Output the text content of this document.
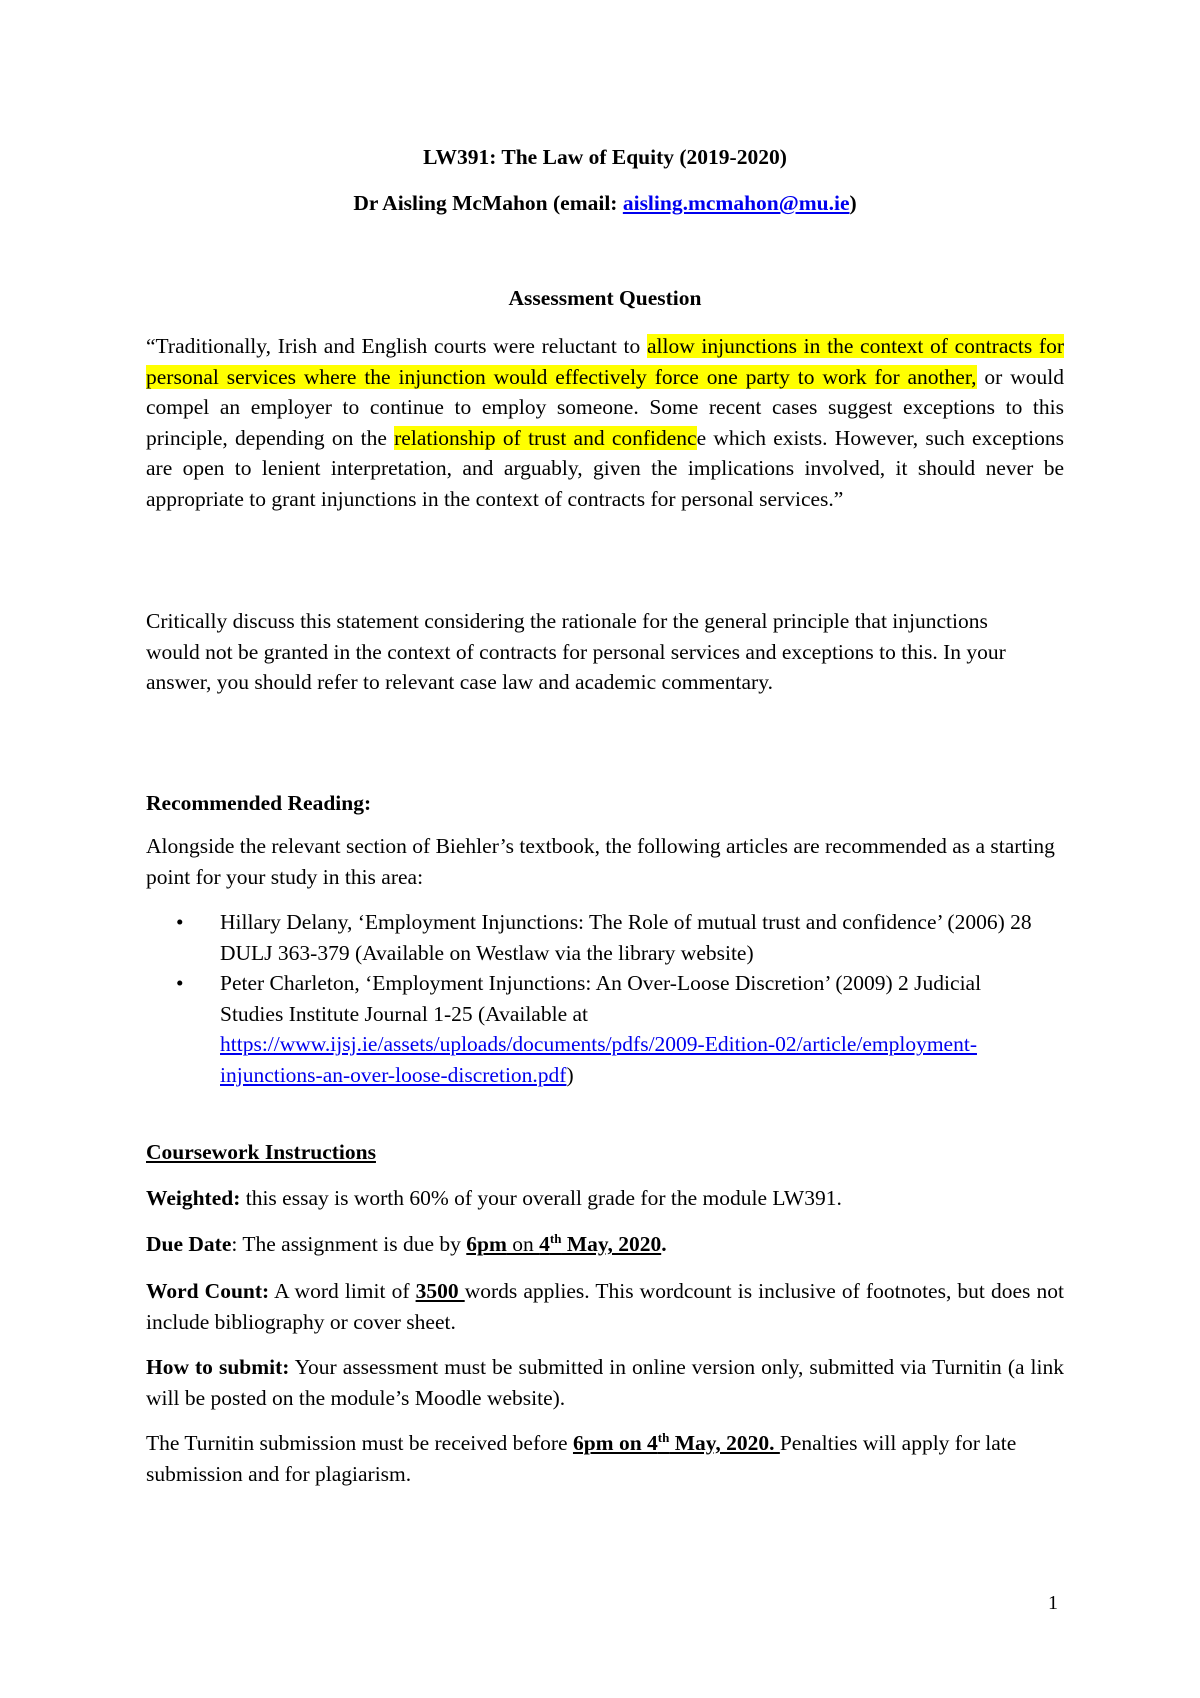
LW391: The Law of Equity (2019-2020)
Dr Aisling McMahon (email: aisling.mcmahon@mu.ie)
Assessment Question
“Traditionally, Irish and English courts were reluctant to allow injunctions in the context of contracts for personal services where the injunction would effectively force one party to work for another, or would compel an employer to continue to employ someone. Some recent cases suggest exceptions to this principle, depending on the relationship of trust and confidence which exists. However, such exceptions are open to lenient interpretation, and arguably, given the implications involved, it should never be appropriate to grant injunctions in the context of contracts for personal services.”
Critically discuss this statement considering the rationale for the general principle that injunctions would not be granted in the context of contracts for personal services and exceptions to this. In your answer, you should refer to relevant case law and academic commentary.
Recommended Reading:
Alongside the relevant section of Biehler’s textbook, the following articles are recommended as a starting point for your study in this area:
• Hillary Delany, ‘Employment Injunctions: The Role of mutual trust and confidence’ (2006) 28 DULJ 363-379 (Available on Westlaw via the library website)
• Peter Charleton, ‘Employment Injunctions: An Over-Loose Discretion’ (2009) 2 Judicial Studies Institute Journal 1-25 (Available at https://www.ijsj.ie/assets/uploads/documents/pdfs/2009-Edition-02/article/employment-injunctions-an-over-loose-discretion.pdf)
Coursework Instructions
Weighted: this essay is worth 60% of your overall grade for the module LW391.
Due Date: The assignment is due by 6pm on 4th May, 2020.
Word Count: A word limit of 3500 words applies. This wordcount is inclusive of footnotes, but does not include bibliography or cover sheet.
How to submit: Your assessment must be submitted in online version only, submitted via Turnitin (a link will be posted on the module’s Moodle website).
The Turnitin submission must be received before 6pm on 4th May, 2020. Penalties will apply for late submission and for plagiarism.
1
